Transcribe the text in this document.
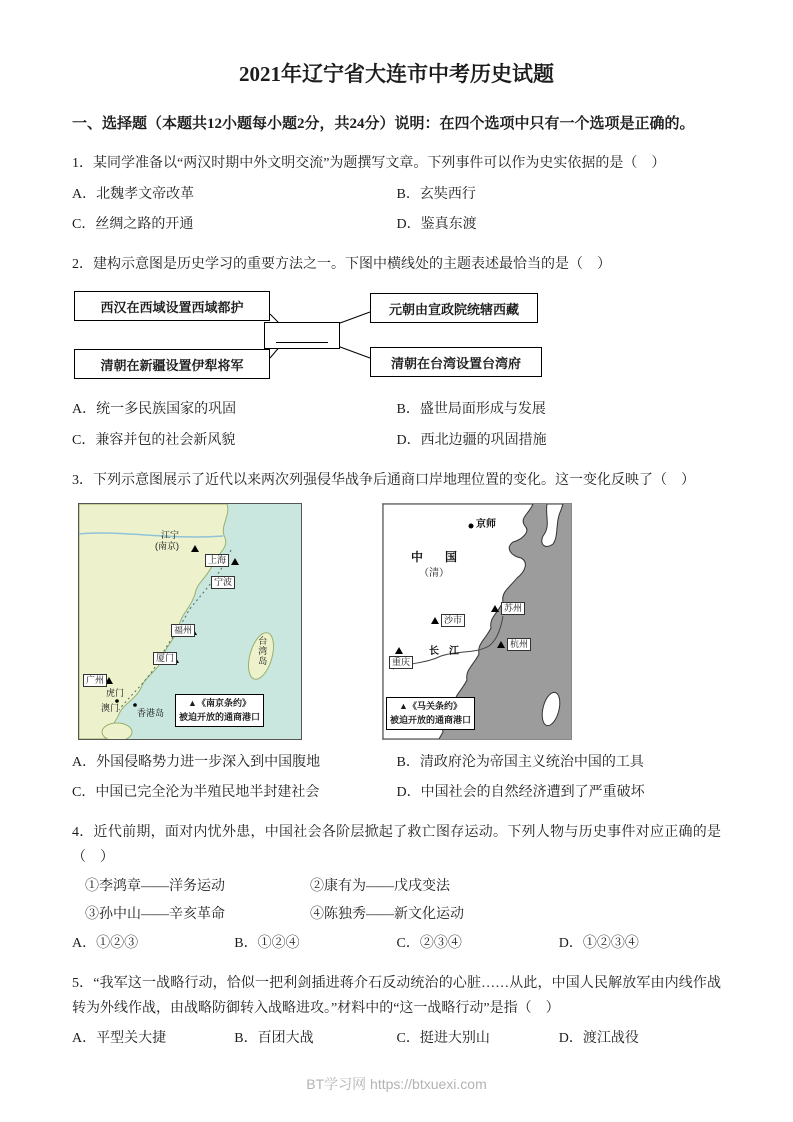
2021年辽宁省大连市中考历史试题

一、选择题（本题共12小题每小题2分，共24分）说明：在四个选项中只有一个选项是正确的。

1．某同学准备以“两汉时期中外文明交流”为题撰写文章。下列事件可以作为史实依据的是（　）

A．北魏孝文帝改革	B．玄奘西行
C．丝绸之路的开通	D．鉴真东渡

2．建构示意图是历史学习的重要方法之一。下图中横线处的主题表述最恰当的是（　）

西汉在西域设置西域都护	元朝由宣政院统辖西藏
清朝在新疆设置伊犁将军	清朝在台湾设置台湾府
A．统一多民族国家的巩固	B．盛世局面形成与发展
C．兼容并包的社会新风貌	D．西北边疆的巩固措施

3．下列示意图展示了近代以来两次列强侵华战争后通商口岸地理位置的变化。这一变化反映了（　）

江宁
(南京)
上海
宁波
福州
厦门
广州
虎门
澳门 香港岛
台湾岛
▲《南京条约》
被迫开放的通商港口
京师
中　国
（清）
苏州
沙市
杭州
重庆
长　江
▲《马关条约》
被迫开放的通商港口
A．外国侵略势力进一步深入到中国腹地	B．清政府沦为帝国主义统治中国的工具
C．中国已完全沦为半殖民地半封建社会	D．中国社会的自然经济遭到了严重破坏

4．近代前期，面对内忧外患，中国社会各阶层掀起了救亡图存运动。下列人物与历史事件对应正确的是（　）

①李鸿章——洋务运动	②康有为——戊戌变法
③孙中山——辛亥革命	④陈独秀——新文化运动
A．①②③	B．①②④	C．②③④	D．①②③④

5．“我军这一战略行动，恰似一把利剑插进蒋介石反动统治的心脏……从此，中国人民解放军由内线作战转为外线作战，由战略防御转入战略进攻。”材料中的“这一战略行动”是指（　）

A．平型关大捷	B．百团大战	C．挺进大别山	D．渡江战役
BT学习网 https://btxuexi.com
